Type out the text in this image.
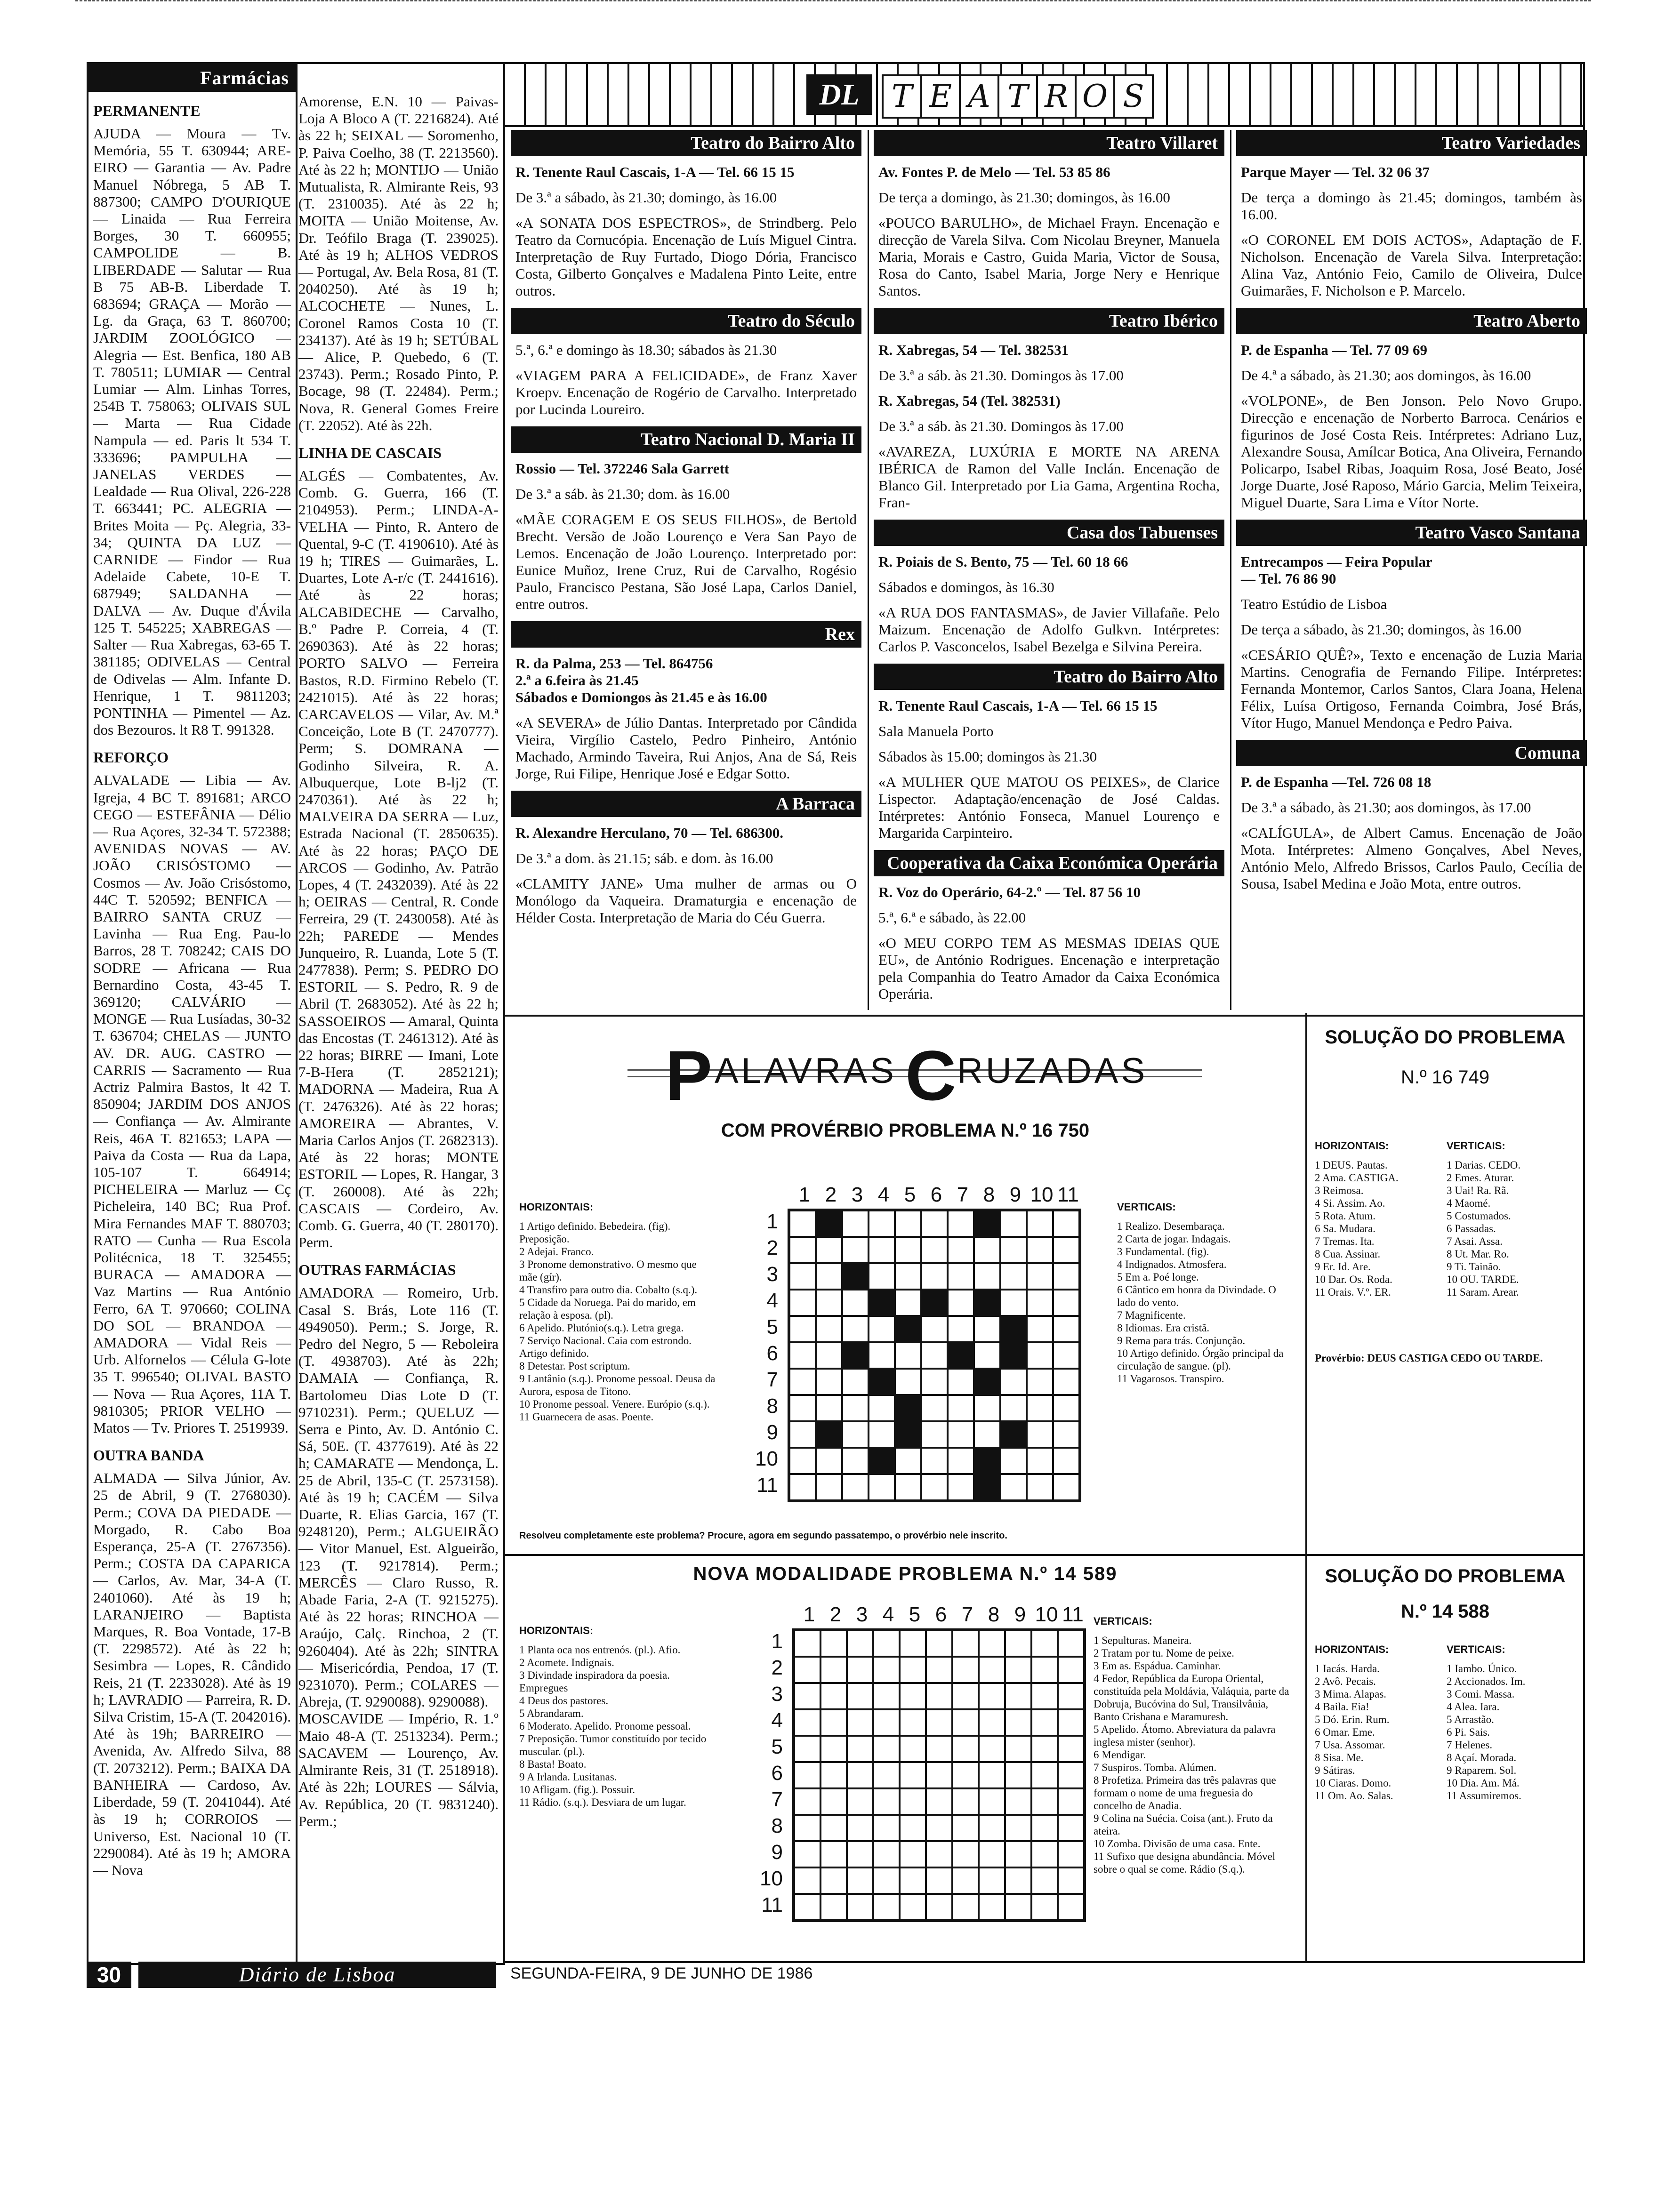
Farmácias
PERMANENTE
AJUDA — Moura — Tv. Memória, 55 T. 630944; ARE-EIRO — Garantia — Av. Padre Manuel Nóbrega, 5 AB T. 887300; CAMPO D'OURIQUE — Linaida — Rua Ferreira Borges, 30 T. 660955; CAMPOLIDE — B. LIBERDADE — Salutar — Rua B 75 AB-B. Liberdade T. 683694; GRAÇA — Morão — Lg. da Graça, 63 T. 860700; JARDIM ZOOLÓGICO — Alegria — Est. Benfica, 180 AB T. 780511; LUMIAR — Central Lumiar — Alm. Linhas Torres, 254B T. 758063; OLIVAIS SUL — Marta — Rua Cidade Nampula — ed. Paris lt 534 T. 333696; PAMPULHA — JANELAS VERDES — Lealdade — Rua Olival, 226-228 T. 663441; PC. ALEGRIA — Brites Moita — Pç. Alegria, 33-34; QUINTA DA LUZ — CARNIDE — Findor — Rua Adelaide Cabete, 10-E T. 687949; SALDANHA — DALVA — Av. Duque d'Ávila 125 T. 545225; XABREGAS — Salter — Rua Xabregas, 63-65 T. 381185; ODIVELAS — Central de Odivelas — Alm. Infante D. Henrique, 1 T. 9811203; PONTINHA — Pimentel — Az. dos Bezouros. lt R8 T. 991328.
REFORÇO
ALVALADE — Libia — Av. Igreja, 4 BC T. 891681; ARCO CEGO — ESTEFÂNIA — Délio — Rua Açores, 32-34 T. 572388; AVENIDAS NOVAS — AV. JOÃO CRISÓSTOMO — Cosmos — Av. João Crisóstomo, 44C T. 520592; BENFICA — BAIRRO SANTA CRUZ — Lavinha — Rua Eng. Pau-lo Barros, 28 T. 708242; CAIS DO SODRE — Africana — Rua Bernardino Costa, 43-45 T. 369120; CALVÁRIO — MONGE — Rua Lusíadas, 30-32 T. 636704; CHELAS — JUNTO AV. DR. AUG. CASTRO — CARRIS — Sacramento — Rua Actriz Palmira Bastos, lt 42 T. 850904; JARDIM DOS ANJOS — Confiança — Av. Almirante Reis, 46A T. 821653; LAPA — Paiva da Costa — Rua da Lapa, 105-107 T. 664914; PICHELEIRA — Marluz — Cç Picheleira, 140 BC; Rua Prof. Mira Fernandes MAF T. 880703; RATO — Cunha — Rua Escola Politécnica, 18 T. 325455; BURACA — AMADORA — Vaz Martins — Rua António Ferro, 6A T. 970660; COLINA DO SOL — BRANDOA — AMADORA — Vidal Reis — Urb. Alfornelos — Célula G-lote 35 T. 996540; OLIVAL BASTO — Nova — Rua Açores, 11A T. 9810305; PRIOR VELHO — Matos — Tv. Priores T. 2519939.
OUTRA BANDA
ALMADA — Silva Júnior, Av. 25 de Abril, 9 (T. 2768030). Perm.; COVA DA PIEDADE — Morgado, R. Cabo Boa Esperança, 25-A (T. 2767356). Perm.; COSTA DA CAPARICA — Carlos, Av. Mar, 34-A (T. 2401060). Até às 19 h; LARANJEIRO — Baptista Marques, R. Boa Vontade, 17-B (T. 2298572). Até às 22 h; Sesimbra — Lopes, R. Cândido Reis, 21 (T. 2233028). Até às 19 h; LAVRADIO — Parreira, R. D. Silva Cristim, 15-A (T. 2042016). Até às 19h; BARREIRO — Avenida, Av. Alfredo Silva, 88 (T. 2073212). Perm.; BAIXA DA BANHEIRA — Cardoso, Av. Liberdade, 59 (T. 2041044). Até às 19 h; CORROIOS — Universo, Est. Nacional 10 (T. 2290084). Até às 19 h; AMORA — Nova
Amorense, E.N. 10 — Paivas-Loja A Bloco A (T. 2216824). Até às 22 h; SEIXAL — Soromenho, P. Paiva Coelho, 38 (T. 2213560). Até às 22 h; MONTIJO — União Mutualista, R. Almirante Reis, 93 (T. 2310035). Até às 22 h; MOITA — União Moitense, Av. Dr. Teófilo Braga (T. 239025). Até às 19 h; ALHOS VEDROS — Portugal, Av. Bela Rosa, 81 (T. 2040250). Até às 19 h; ALCOCHETE — Nunes, L. Coronel Ramos Costa 10 (T. 234137). Até às 19 h; SETÚBAL — Alice, P. Quebedo, 6 (T. 23743). Perm.; Rosado Pinto, P. Bocage, 98 (T. 22484). Perm.; Nova, R. General Gomes Freire (T. 22052). Até às 22h.
LINHA DE CASCAIS
ALGÉS — Combatentes, Av. Comb. G. Guerra, 166 (T. 2104953). Perm.; LINDA-A-VELHA — Pinto, R. Antero de Quental, 9-C (T. 4190610). Até às 19 h; TIRES — Guimarães, L. Duartes, Lote A-r/c (T. 2441616). Até às 22 horas; ALCABIDECHE — Carvalho, B.º Padre P. Correia, 4 (T. 2690363). Até às 22 horas; PORTO SALVO — Ferreira Bastos, R.D. Firmino Rebelo (T. 2421015). Até às 22 horas; CARCAVELOS — Vilar, Av. M.ª Conceição, Lote B (T. 2470777). Perm; S. DOMRANA — Godinho Silveira, R. A. Albuquerque, Lote B-lj2 (T. 2470361). Até às 22 h; MALVEIRA DA SERRA — Luz, Estrada Nacional (T. 2850635). Até às 22 horas; PAÇO DE ARCOS — Godinho, Av. Patrão Lopes, 4 (T. 2432039). Até às 22 h; OEIRAS — Central, R. Conde Ferreira, 29 (T. 2430058). Até às 22h; PAREDE — Mendes Junqueiro, R. Luanda, Lote 5 (T. 2477838). Perm; S. PEDRO DO ESTORIL — S. Pedro, R. 9 de Abril (T. 2683052). Até às 22 h; SASSOEIROS — Amaral, Quinta das Encostas (T. 2461312). Até às 22 horas; BIRRE — Imani, Lote 7-B-Hera (T. 2852121); MADORNA — Madeira, Rua A (T. 2476326). Até às 22 horas; AMOREIRA — Abrantes, V. Maria Carlos Anjos (T. 2682313). Até às 22 horas; MONTE ESTORIL — Lopes, R. Hangar, 3 (T. 260008). Até às 22h; CASCAIS — Cordeiro, Av. Comb. G. Guerra, 40 (T. 280170). Perm.
OUTRAS FARMÁCIAS
AMADORA — Romeiro, Urb. Casal S. Brás, Lote 116 (T. 4949050). Perm.; S. Jorge, R. Pedro del Negro, 5 — Reboleira (T. 4938703). Até às 22h; DAMAIA — Confiança, R. Bartolomeu Dias Lote D (T. 9710231). Perm.; QUELUZ — Serra e Pinto, Av. D. António C. Sá, 50E. (T. 4377619). Até às 22 h; CAMARATE — Mendonça, L. 25 de Abril, 135-C (T. 2573158). Até às 19 h; CACÉM — Silva Duarte, R. Elias Garcia, 167 (T. 9248120), Perm.; ALGUEIRÃO — Vitor Manuel, Est. Algueirão, 123 (T. 9217814). Perm.; MERCÊS — Claro Russo, R. Abade Faria, 2-A (T. 9215275). Até às 22 horas; RINCHOA — Araújo, Calç. Rinchoa, 2 (T. 9260404). Até às 22h; SINTRA — Misericórdia, Pendoa, 17 (T. 9231070). Perm.; COLARES — Abreja, (T. 9290088). 9290088).
MOSCAVIDE — Império, R. 1.º Maio 48-A (T. 2513234). Perm.; SACAVEM — Lourenço, Av. Almirante Reis, 31 (T. 2518918). Até às 22h; LOURES — Sálvia, Av. República, 20 (T. 9831240). Perm.;
DL	T E A T R O S
Teatro do Bairro Alto
R. Tenente Raul Cascais, 1-A — Tel. 66 15 15
De 3.ª a sábado, às 21.30; domingo, às 16.00
«A SONATA DOS ESPECTROS», de Strindberg. Pelo Teatro da Cornucópia. Encenação de Luís Miguel Cintra. Interpretação de Ruy Furtado, Diogo Dória, Francisco Costa, Gilberto Gonçalves e Madalena Pinto Leite, entre outros.
Teatro do Século
5.ª, 6.ª e domingo às 18.30; sábados às 21.30
«VIAGEM PARA A FELICIDADE», de Franz Xaver Kroepv. Encenação de Rogério de Carvalho. Interpretado por Lucinda Loureiro.
Teatro Nacional D. Maria II
Rossio — Tel. 372246 Sala Garrett
De 3.ª a sáb. às 21.30; dom. às 16.00
«MÃE CORAGEM E OS SEUS FILHOS», de Bertold Brecht. Versão de João Lourenço e Vera San Payo de Lemos. Encenação de João Lourenço. Interpretado por: Eunice Muñoz, Irene Cruz, Rui de Carvalho, Rogésio Paulo, Francisco Pestana, São José Lapa, Carlos Daniel, entre outros.
Rex
R. da Palma, 253 — Tel. 864756
2.ª a 6.feira às 21.45
Sábados e Domiongos às 21.45 e às 16.00
«A SEVERA» de Júlio Dantas. Interpretado por Cândida Vieira, Virgílio Castelo, Pedro Pinheiro, António Machado, Armindo Taveira, Rui Anjos, Ana de Sá, Reis Jorge, Rui Filipe, Henrique José e Edgar Sotto.
A Barraca
R. Alexandre Herculano, 70 — Tel. 686300.
De 3.ª a dom. às 21.15; sáb. e dom. às 16.00
«CLAMITY JANE» Uma mulher de armas ou O Monólogo da Vaqueira. Dramaturgia e encenação de Hélder Costa. Interpretação de Maria do Céu Guerra.
Teatro Villaret
Av. Fontes P. de Melo — Tel. 53 85 86
De terça a domingo, às 21.30; domingos, às 16.00
«POUCO BARULHO», de Michael Frayn. Encenação e direcção de Varela Silva. Com Nicolau Breyner, Manuela Maria, Morais e Castro, Guida Maria, Victor de Sousa, Rosa do Canto, Isabel Maria, Jorge Nery e Henrique Santos.
Teatro Ibérico
R. Xabregas, 54 — Tel. 382531
De 3.ª a sáb. às 21.30. Domingos às 17.00
R. Xabregas, 54 (Tel. 382531)
De 3.ª a sáb. às 21.30. Domingos às 17.00
«AVAREZA, LUXÚRIA E MORTE NA ARENA IBÉRICA de Ramon del Valle Inclán. Encenação de Blanco Gil. Interpretado por Lia Gama, Argentina Rocha, Fran-
Casa dos Tabuenses
R. Poiais de S. Bento, 75 — Tel. 60 18 66
Sábados e domingos, às 16.30
«A RUA DOS FANTASMAS», de Javier Villafañe. Pelo Maizum. Encenação de Adolfo Gulkvn. Intérpretes: Carlos P. Vasconcelos, Isabel Bezelga e Silvina Pereira.
Teatro do Bairro Alto
R. Tenente Raul Cascais, 1-A — Tel. 66 15 15
Sala Manuela Porto
Sábados às 15.00; domingos às 21.30
«A MULHER QUE MATOU OS PEIXES», de Clarice Lispector. Adaptação/encenação de José Caldas. Intérpretes: António Fonseca, Manuel Lourenço e Margarida Carpinteiro.
Cooperativa da Caixa Económica Operária
R. Voz do Operário, 64-2.º — Tel. 87 56 10
5.ª, 6.ª e sábado, às 22.00
«O MEU CORPO TEM AS MESMAS IDEIAS QUE EU», de António Rodrigues. Encenação e interpretação pela Companhia do Teatro Amador da Caixa Económica Operária.
Teatro Variedades
Parque Mayer — Tel. 32 06 37
De terça a domingo às 21.45; domingos, também às 16.00.
«O CORONEL EM DOIS ACTOS», Adaptação de F. Nicholson. Encenação de Varela Silva. Interpretação: Alina Vaz, António Feio, Camilo de Oliveira, Dulce Guimarães, F. Nicholson e P. Marcelo.
Teatro Aberto
P. de Espanha — Tel. 77 09 69
De 4.ª a sábado, às 21.30; aos domingos, às 16.00
«VOLPONE», de Ben Jonson. Pelo Novo Grupo. Direcção e encenação de Norberto Barroca. Cenários e figurinos de José Costa Reis. Intérpretes: Adriano Luz, Alexandre Sousa, Amílcar Botica, Ana Oliveira, Fernando Policarpo, Isabel Ribas, Joaquim Rosa, José Beato, José Jorge Duarte, José Raposo, Mário Garcia, Melim Teixeira, Miguel Duarte, Sara Lima e Vítor Norte.
Teatro Vasco Santana
Entrecampos — Feira Popular
— Tel. 76 86 90
Teatro Estúdio de Lisboa
De terça a sábado, às 21.30; domingos, às 16.00
«CESÁRIO QUÊ?», Texto e encenação de Luzia Maria Martins. Cenografia de Fernando Filipe. Intérpretes: Fernanda Montemor, Carlos Santos, Clara Joana, Helena Félix, Luísa Ortigoso, Fernanda Coimbra, José Brás, Vítor Hugo, Manuel Mendonça e Pedro Paiva.
Comuna
P. de Espanha —Tel. 726 08 18
De 3.ª a sábado, às 21.30; aos domingos, às 17.00
«CALÍGULA», de Albert Camus. Encenação de João Mota. Intérpretes: Almeno Gonçalves, Abel Neves, António Melo, Alfredo Brissos, Carlos Paulo, Cecília de Sousa, Isabel Medina e João Mota, entre outros.
P ALAVRAS C RUZADAS
COM PROVÉRBIO PROBLEMA N.º 16 750
HORIZONTAIS:
1 Artigo definido. Bebedeira. (fig). Preposição.
2 Adejai. Franco.
3 Pronome demonstrativo. O mesmo que mãe (gír).
4 Transfiro para outro dia. Cobalto (s.q.).
5 Cidade da Noruega. Pai do marido, em relação à esposa. (pl).
6 Apelido. Plutónio(s.q.). Letra grega.
7 Serviço Nacional. Caia com estrondo. Artigo definido.
8 Detestar. Post scriptum.
9 Lantânio (s.q.). Pronome pessoal. Deusa da Aurora, esposa de Titono.
10 Pronome pessoal. Venere. Európio (s.q.).
11 Guarnecera de asas. Poente.
VERTICAIS:
1 Realizo. Desembaraça.
2 Carta de jogar. Indagais.
3 Fundamental. (fig).
4 Indignados. Atmosfera.
5 Em a. Poé longe.
6 Cântico em honra da Divindade. O lado do vento.
7 Magnificente.
8 Idiomas. Era cristã.
9 Rema para trás. Conjunção.
10 Artigo definido. Órgão principal da circulação de sangue. (pl).
11 Vagarosos. Transpiro.
1 2 3 4 5 6 7 8 9 10 11
1
2
3
4
5
6
7
8
9
10
11
Resolveu completamente este problema? Procure, agora em segundo passatempo, o provérbio nele inscrito.
SOLUÇÃO DO PROBLEMA
N.º 16 749
HORIZONTAIS:
1 DEUS. Pautas.
2 Ama. CASTIGA.
3 Reimosa.
4 Si. Assim. Ao.
5 Rota. Atum.
6 Sa. Mudara.
7 Tremas. Ita.
8 Cua. Assinar.
9 Er. Id. Are.
10 Dar. Os. Roda.
11 Orais. V.º. ER.
VERTICAIS:
1 Darias. CEDO.
2 Emes. Aturar.
3 Uai! Ra. Rã.
4 Maomé.
5 Costumados.
6 Passadas.
7 Asai. Assa.
8 Ut. Mar. Ro.
9 Ti. Tainão.
10 OU. TARDE.
11 Saram. Arear.
Provérbio: DEUS CASTIGA CEDO OU TARDE.
NOVA MODALIDADE PROBLEMA N.º 14 589
HORIZONTAIS:
1 Planta oca nos entrenós. (pl.). Afio.
2 Acomete. Indignais.
3 Divindade inspiradora da poesia. Empregues
4 Deus dos pastores.
5 Abrandaram.
6 Moderato. Apelido. Pronome pessoal.
7 Preposição. Tumor constituído por tecido muscular. (pl.).
8 Basta! Boato.
9 A Irlanda. Lusitanas.
10 Afligam. (fig.). Possuir.
11 Rádio. (s.q.). Desviara de um lugar.
VERTICAIS:
1 Sepulturas. Maneira.
2 Tratam por tu. Nome de peixe.
3 Em as. Espádua. Caminhar.
4 Fedor, República da Europa Oriental, constituída pela Moldávia, Valáquia, parte da Dobruja, Bucóvina do Sul, Transilvânia, Banto Crishana e Maramuresh.
5 Apelido. Átomo. Abreviatura da palavra inglesa mister (senhor).
6 Mendigar.
7 Suspiros. Tomba. Alúmen.
8 Profetiza. Primeira das três palavras que formam o nome de uma freguesia do concelho de Anadia.
9 Colina na Suécia. Coisa (ant.). Fruto da ateira.
10 Zomba. Divisão de uma casa. Ente.
11 Sufixo que designa abundância. Móvel sobre o qual se come. Rádio (S.q.).
1 2 3 4 5 6 7 8 9 10 11
1
2
3
4
5
6
7
8
9
10
11
SOLUÇÃO DO PROBLEMA
N.º 14 588
HORIZONTAIS:
1 Iacás. Harda.
2 Avô. Pecais.
3 Mima. Alapas.
4 Baila. Eia!
5 Dó. Erin. Rum.
6 Omar. Eme.
7 Usa. Assomar.
8 Sisa. Me.
9 Sátiras.
10 Ciaras. Domo.
11 Om. Ao. Salas.
VERTICAIS:
1 Iambo. Único.
2 Accionados. Im.
3 Comi. Massa.
4 Alea. Iara.
5 Arrastão.
6 Pi. Sais.
7 Helenes.
8 Açaí. Morada.
9 Raparem. Sol.
10 Dia. Am. Má.
11 Assumiremos.
30	Diário de Lisboa	SEGUNDA-FEIRA, 9 DE JUNHO DE 1986
